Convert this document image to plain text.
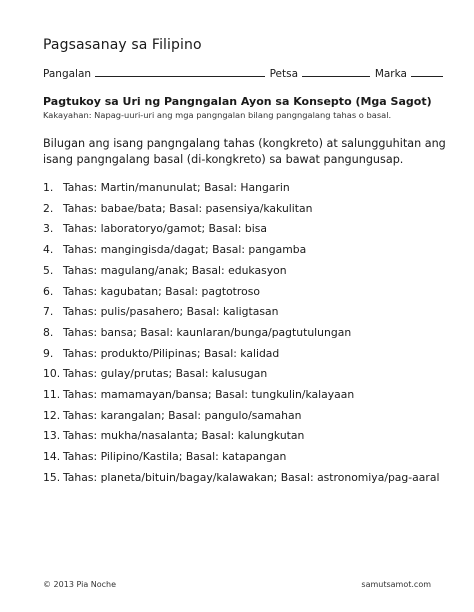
Pagsasanay sa Filipino
Pangalan	Petsa	Marka
Pagtukoy sa Uri ng Pangngalan Ayon sa Konsepto (Mga Sagot)
Kakayahan: Napag-uuri-uri ang mga pangngalan bilang pangngalang tahas o basal.
Bilugan ang isang pangngalang tahas (kongkreto) at salungguhitan ang isang pangngalang basal (di-kongkreto) sa bawat pangungusap.
1. Tahas: Martin/manunulat; Basal: Hangarin
2. Tahas: babae/bata; Basal: pasensiya/kakulitan
3. Tahas: laboratoryo/gamot; Basal: bisa
4. Tahas: mangingisda/dagat; Basal: pangamba
5. Tahas: magulang/anak; Basal: edukasyon
6. Tahas: kagubatan; Basal: pagtotroso
7. Tahas: pulis/pasahero; Basal: kaligtasan
8. Tahas: bansa; Basal: kaunlaran/bunga/pagtutulungan
9. Tahas: produkto/Pilipinas; Basal: kalidad
10. Tahas: gulay/prutas; Basal: kalusugan
11. Tahas: mamamayan/bansa; Basal: tungkulin/kalayaan
12. Tahas: karangalan; Basal: pangulo/samahan
13. Tahas: mukha/nasalanta; Basal: kalungkutan
14. Tahas: Pilipino/Kastila; Basal: katapangan
15. Tahas: planeta/bituin/bagay/kalawakan; Basal: astronomiya/pag-aaral
© 2013 Pia Noche	samutsamot.com
